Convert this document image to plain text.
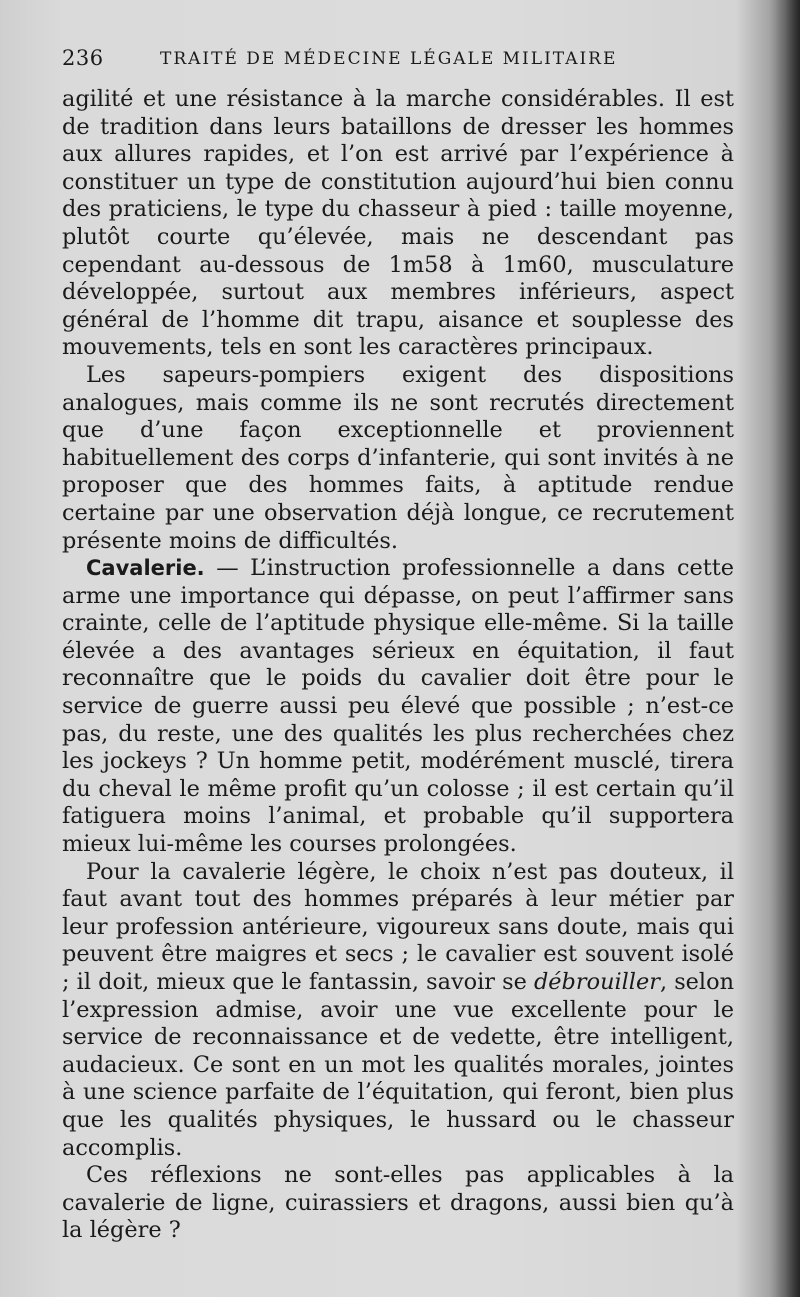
236	TRAITÉ DE MÉDECINE LÉGALE MILITAIRE

agilité et une résistance à la marche considérables. Il est de tradition dans leurs bataillons de dresser les hommes aux allures rapides, et l’on est arrivé par l’expérience à constituer un type de constitution aujourd’hui bien connu des praticiens, le type du chasseur à pied : taille moyenne, plutôt courte qu’élevée, mais ne descendant pas cependant au-dessous de 1m58 à 1m60, musculature développée, surtout aux membres inférieurs, aspect général de l’homme dit trapu, aisance et souplesse des mouvements, tels en sont les caractères principaux.

Les sapeurs-pompiers exigent des dispositions analogues, mais comme ils ne sont recrutés directement que d’une façon exceptionnelle et proviennent habituellement des corps d’infanterie, qui sont invités à ne proposer que des hommes faits, à aptitude rendue certaine par une observation déjà longue, ce recrutement présente moins de difficultés.

Cavalerie. — L’instruction professionnelle a dans cette arme une importance qui dépasse, on peut l’affirmer sans crainte, celle de l’aptitude physique elle-même. Si la taille élevée a des avantages sérieux en équitation, il faut reconnaître que le poids du cavalier doit être pour le service de guerre aussi peu élevé que possible ; n’est-ce pas, du reste, une des qualités les plus recherchées chez les jockeys ? Un homme petit, modérément musclé, tirera du cheval le même profit qu’un colosse ; il est certain qu’il fatiguera moins l’animal, et probable qu’il supportera mieux lui-même les courses prolongées.

Pour la cavalerie légère, le choix n’est pas douteux, il faut avant tout des hommes préparés à leur métier par leur profession antérieure, vigoureux sans doute, mais qui peuvent être maigres et secs ; le cavalier est souvent isolé ; il doit, mieux que le fantassin, savoir se débrouiller, selon l’expression admise, avoir une vue excellente pour le service de reconnaissance et de vedette, être intelligent, audacieux. Ce sont en un mot les qualités morales, jointes à une science parfaite de l’équitation, qui feront, bien plus que les qualités physiques, le hussard ou le chasseur accomplis.

Ces réflexions ne sont-elles pas applicables à la cavalerie de ligne, cuirassiers et dragons, aussi bien qu’à la légère ?
